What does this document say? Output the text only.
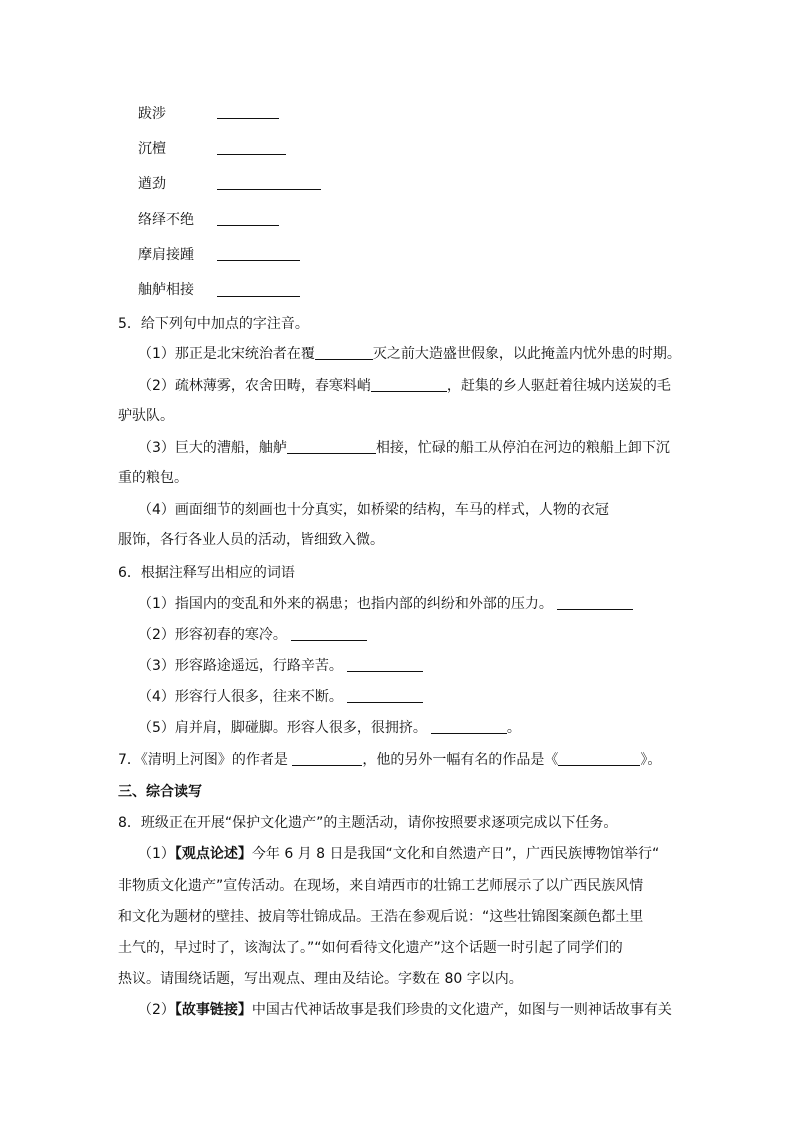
跋涉
沉檀
遒劲
络绎不绝
摩肩接踵
舳舻相接
5．给下列句中加点的字注音。
（1）那正是北宋统治者在覆	灭之前大造盛世假象，以此掩盖内忧外患的时期。
（2）疏林薄雾，农舍田畴，春寒料峭	，赶集的乡人驱赶着往城内送炭的毛
驴驮队。
（3）巨大的漕船，舳舻	相接，忙碌的船工从停泊在河边的粮船上卸下沉
重的粮包。
（4）画面细节的刻画也十分真实，如桥梁的结构，车马的样式，人物的衣冠
服饰，各行各业人员的活动，皆细致入微。
6．根据注释写出相应的词语
（1）指国内的变乱和外来的祸患；也指内部的纠纷和外部的压力。
（2）形容初春的寒冷。
（3）形容路途遥远，行路辛苦。
（4）形容行人很多，往来不断。
（5）肩并肩，脚碰脚。形容人很多，很拥挤。	。
7．《清明上河图》的作者是	，他的另外一幅有名的作品是《	》。
三、综合读写
8．班级正在开展“保护文化遗产”的主题活动，请你按照要求逐项完成以下任务。
（1）【观点论述】今年 6 月 8 日是我国“文化和自然遗产日”，广西民族博物馆举行“
非物质文化遗产”宣传活动。在现场，来自靖西市的壮锦工艺师展示了以广西民族风情
和文化为题材的壁挂、披肩等壮锦成品。王浩在参观后说：“这些壮锦图案颜色都土里
土气的，早过时了，该淘汰了。”“如何看待文化遗产”这个话题一时引起了同学们的
热议。请围绕话题，写出观点、理由及结论。字数在 80 字以内。
（2）【故事链接】中国古代神话故事是我们珍贵的文化遗产，如图与一则神话故事有关
